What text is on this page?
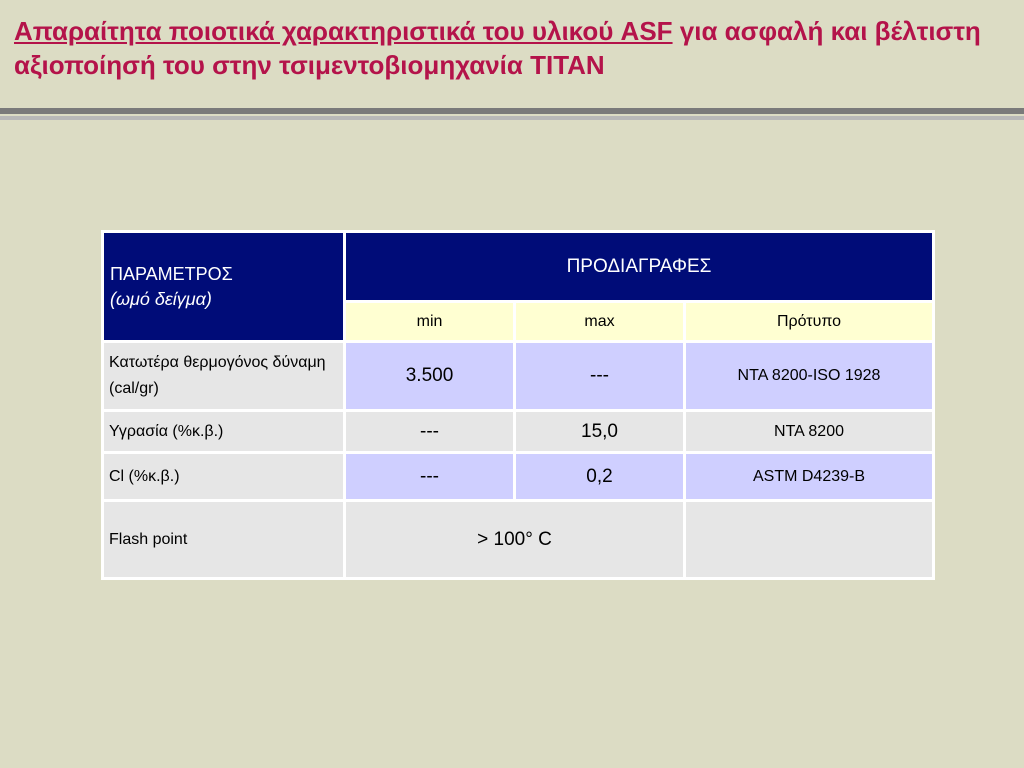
Απαραίτητα ποιοτικά χαρακτηριστικά του υλικού ASF για ασφαλή και βέλτιστη αξιοποίησή του στην τσιμεντοβιομηχανία TITAN
ΠΑΡΑΜΕΤΡΟΣ
(ωμό δείγμα)	ΠΡΟΔΙΑΓΡΑΦΕΣ		
	min	max	Πρότυπο
Κατωτέρα θερμογόνος δύναμη (cal/gr)	3.500	---	NTA 8200-ISO 1928
Υγρασία (%κ.β.)	---	15,0	NTA 8200
Cl (%κ.β.)	---	0,2	ASTM D4239-B
Flash point	> 100° C		
